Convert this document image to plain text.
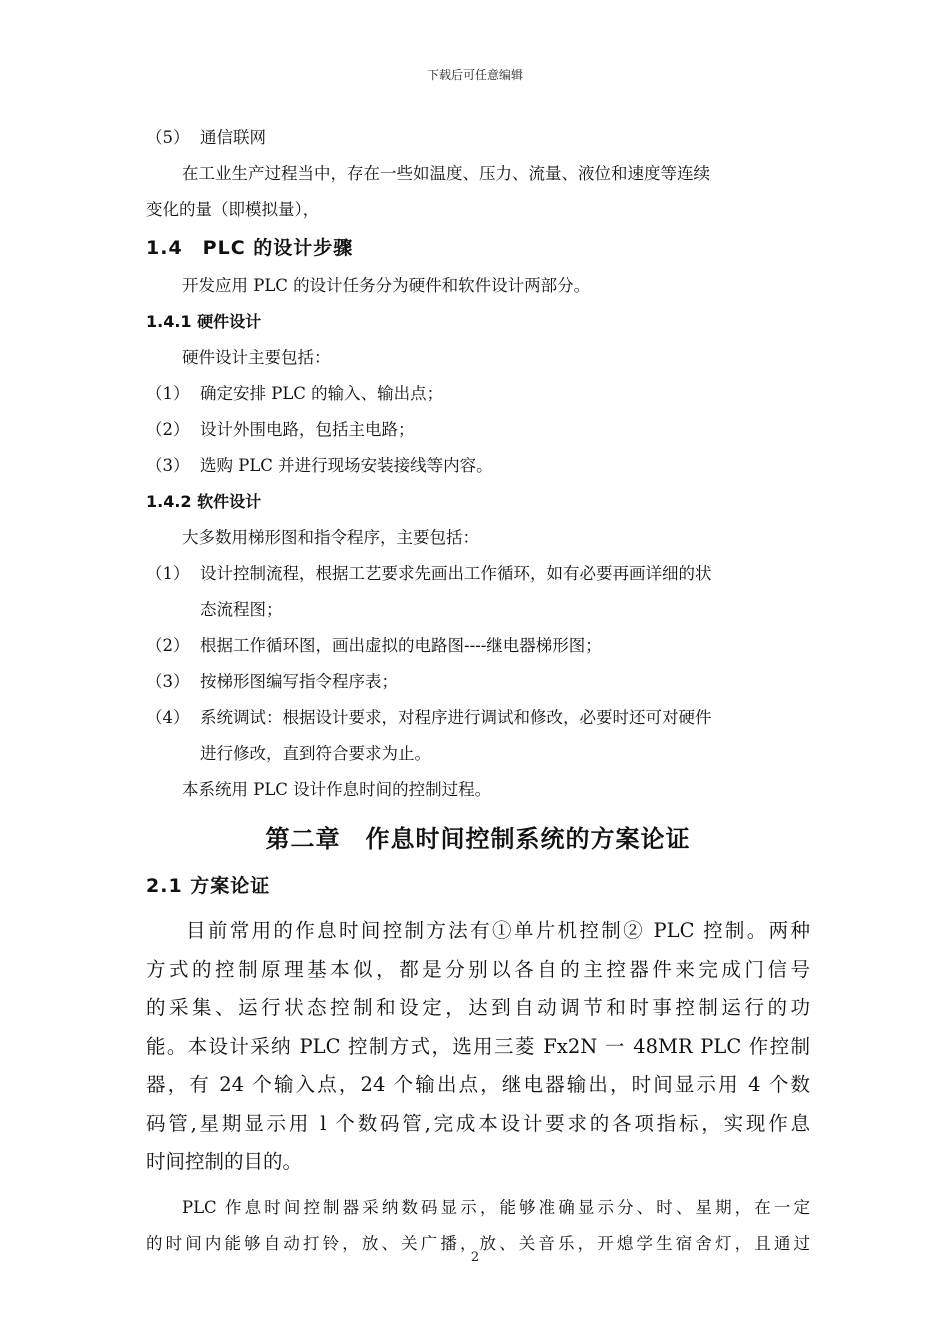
下载后可任意编辑
（5） 通信联网

在工业生产过程当中，存在一些如温度、压力、流量、液位和速度等连续

变化的量（即模拟量），

1.4　PLC 的设计步骤

开发应用 PLC 的设计任务分为硬件和软件设计两部分。

1.4.1 硬件设计

硬件设计主要包括：

（1） 确定安排 PLC 的输入、输出点；
（2） 设计外围电路，包括主电路；
（3） 选购 PLC 并进行现场安装接线等内容。
1.4.2 软件设计

大多数用梯形图和指令程序，主要包括：

（1） 设计控制流程，根据工艺要求先画出工作循环，如有必要再画详细的状
态流程图；
（2） 根据工作循环图，画出虚拟的电路图----继电器梯形图；
（3） 按梯形图编写指令程序表；
（4） 系统调试：根据设计要求，对程序进行调试和修改，必要时还可对硬件
进行修改，直到符合要求为止。

本系统用 PLC 设计作息时间的控制过程。

第二章　作息时间控制系统的方案论证
2.1 方案论证

目前常用的作息时间控制方法有①单片机控制② PLC 控制。两种

方式的控制原理基本似，都是分别以各自的主控器件来完成门信号

的采集、运行状态控制和设定，达到自动调节和时事控制运行的功

能。本设计采纳 PLC 控制方式，选用三菱 Fx2N 一 48MR PLC 作控制

器，有 24 个输入点，24 个输出点，继电器输出，时间显示用 4 个数

码管,星期显示用 l 个数码管,完成本设计要求的各项指标，实现作息

时间控制的目的。

PLC 作息时间控制器采纳数码显示，能够准确显示分、时、星期，在一定

的时间内能够自动打铃，放、关广播，放、关音乐，开熄学生宿舍灯，且通过

2
